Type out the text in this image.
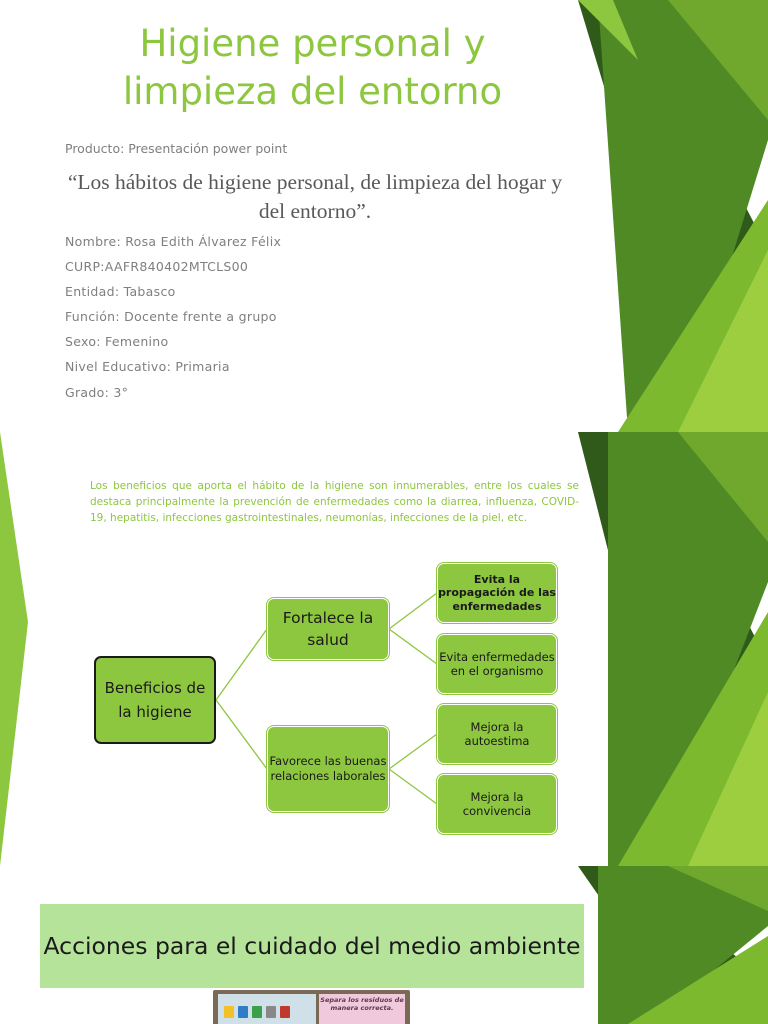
Higiene personal y limpieza del entorno
Producto: Presentación power point
“Los hábitos de higiene personal, de limpieza del hogar y del entorno”.
Nombre: Rosa Edith Álvarez Félix
CURP:AAFR840402MTCLS00
Entidad: Tabasco
Función: Docente frente a grupo
Sexo: Femenino
Nivel Educativo: Primaria
Grado: 3°
Los beneficios que aporta el hábito de la higiene son innumerables, entre los cuales se destaca principalmente la prevención de enfermedades como la diarrea, influenza, COVID-19, hepatitis, infecciones gastrointestinales, neumonías, infecciones de la piel, etc.
Beneficios de la higiene
Fortalece la salud
Favorece las buenas relaciones laborales
Evita la propagación de las enfermedades
Evita enfermedades en el organismo
Mejora la autoestima
Mejora la convivencia
Acciones para el cuidado del medio ambiente
Separa los residuos de manera correcta.
